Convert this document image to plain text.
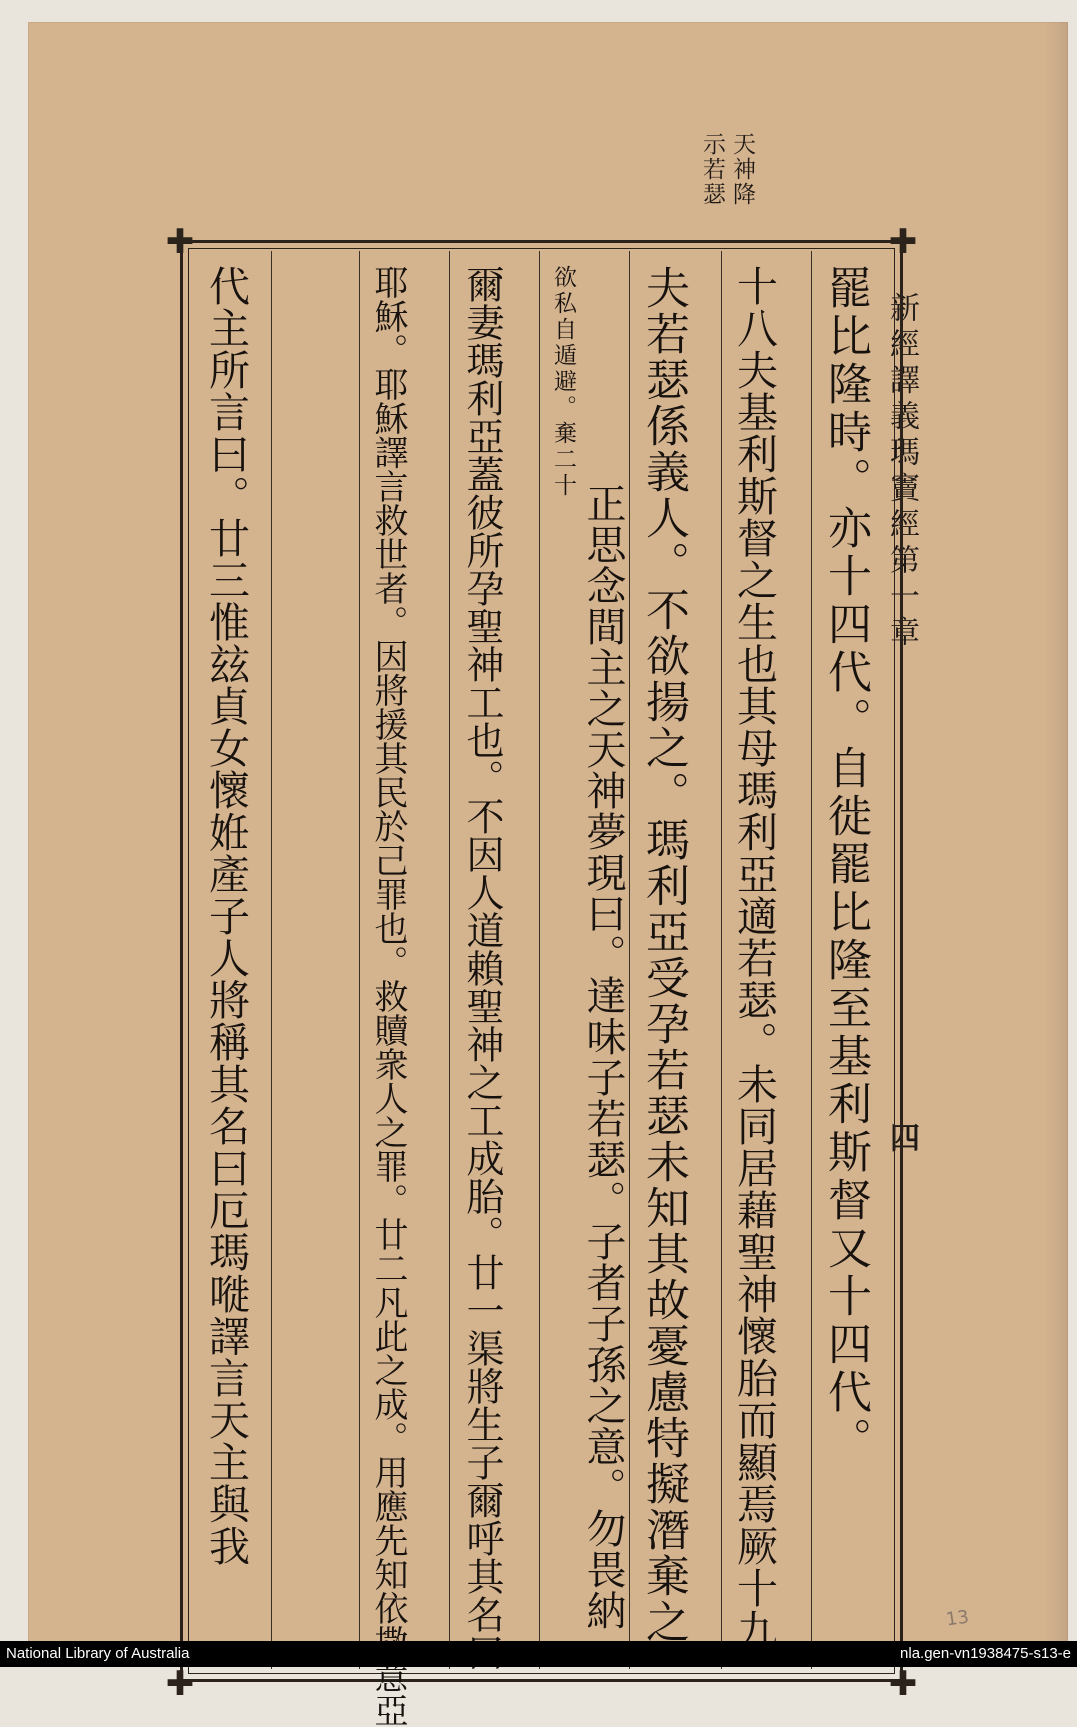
新經譯義瑪竇經第一章
四
天神降
示若瑟
✚	✚
✚	✚
罷比隆時。亦十四代。自徙罷比隆至基利斯督又十四代。
十八夫基利斯督之生也其母瑪利亞適若瑟。未同居藉聖神懷胎而顯焉厥十九
夫若瑟係義人。不欲揚之。瑪利亞受孕若瑟未知其故憂慮特擬潛棄之。
欲私自遁避。棄二十
正思念間主之天神夢現曰。達味子若瑟。子者子孫之意。勿畏納
爾妻瑪利亞蓋彼所孕聖神工也。不因人道賴聖神之工成胎。廿一渠將生子爾呼其名曰
耶穌。耶穌譯言救世者。因將援其民於己罪也。救贖衆人之罪。廿二凡此之成。用應先知依撒意亞
代主所言曰。廿三惟玆貞女懷姙產子人將稱其名曰厄瑪嘥譯言天主與我
13
National Library of Australia	nla.gen-vn1938475-s13-e
